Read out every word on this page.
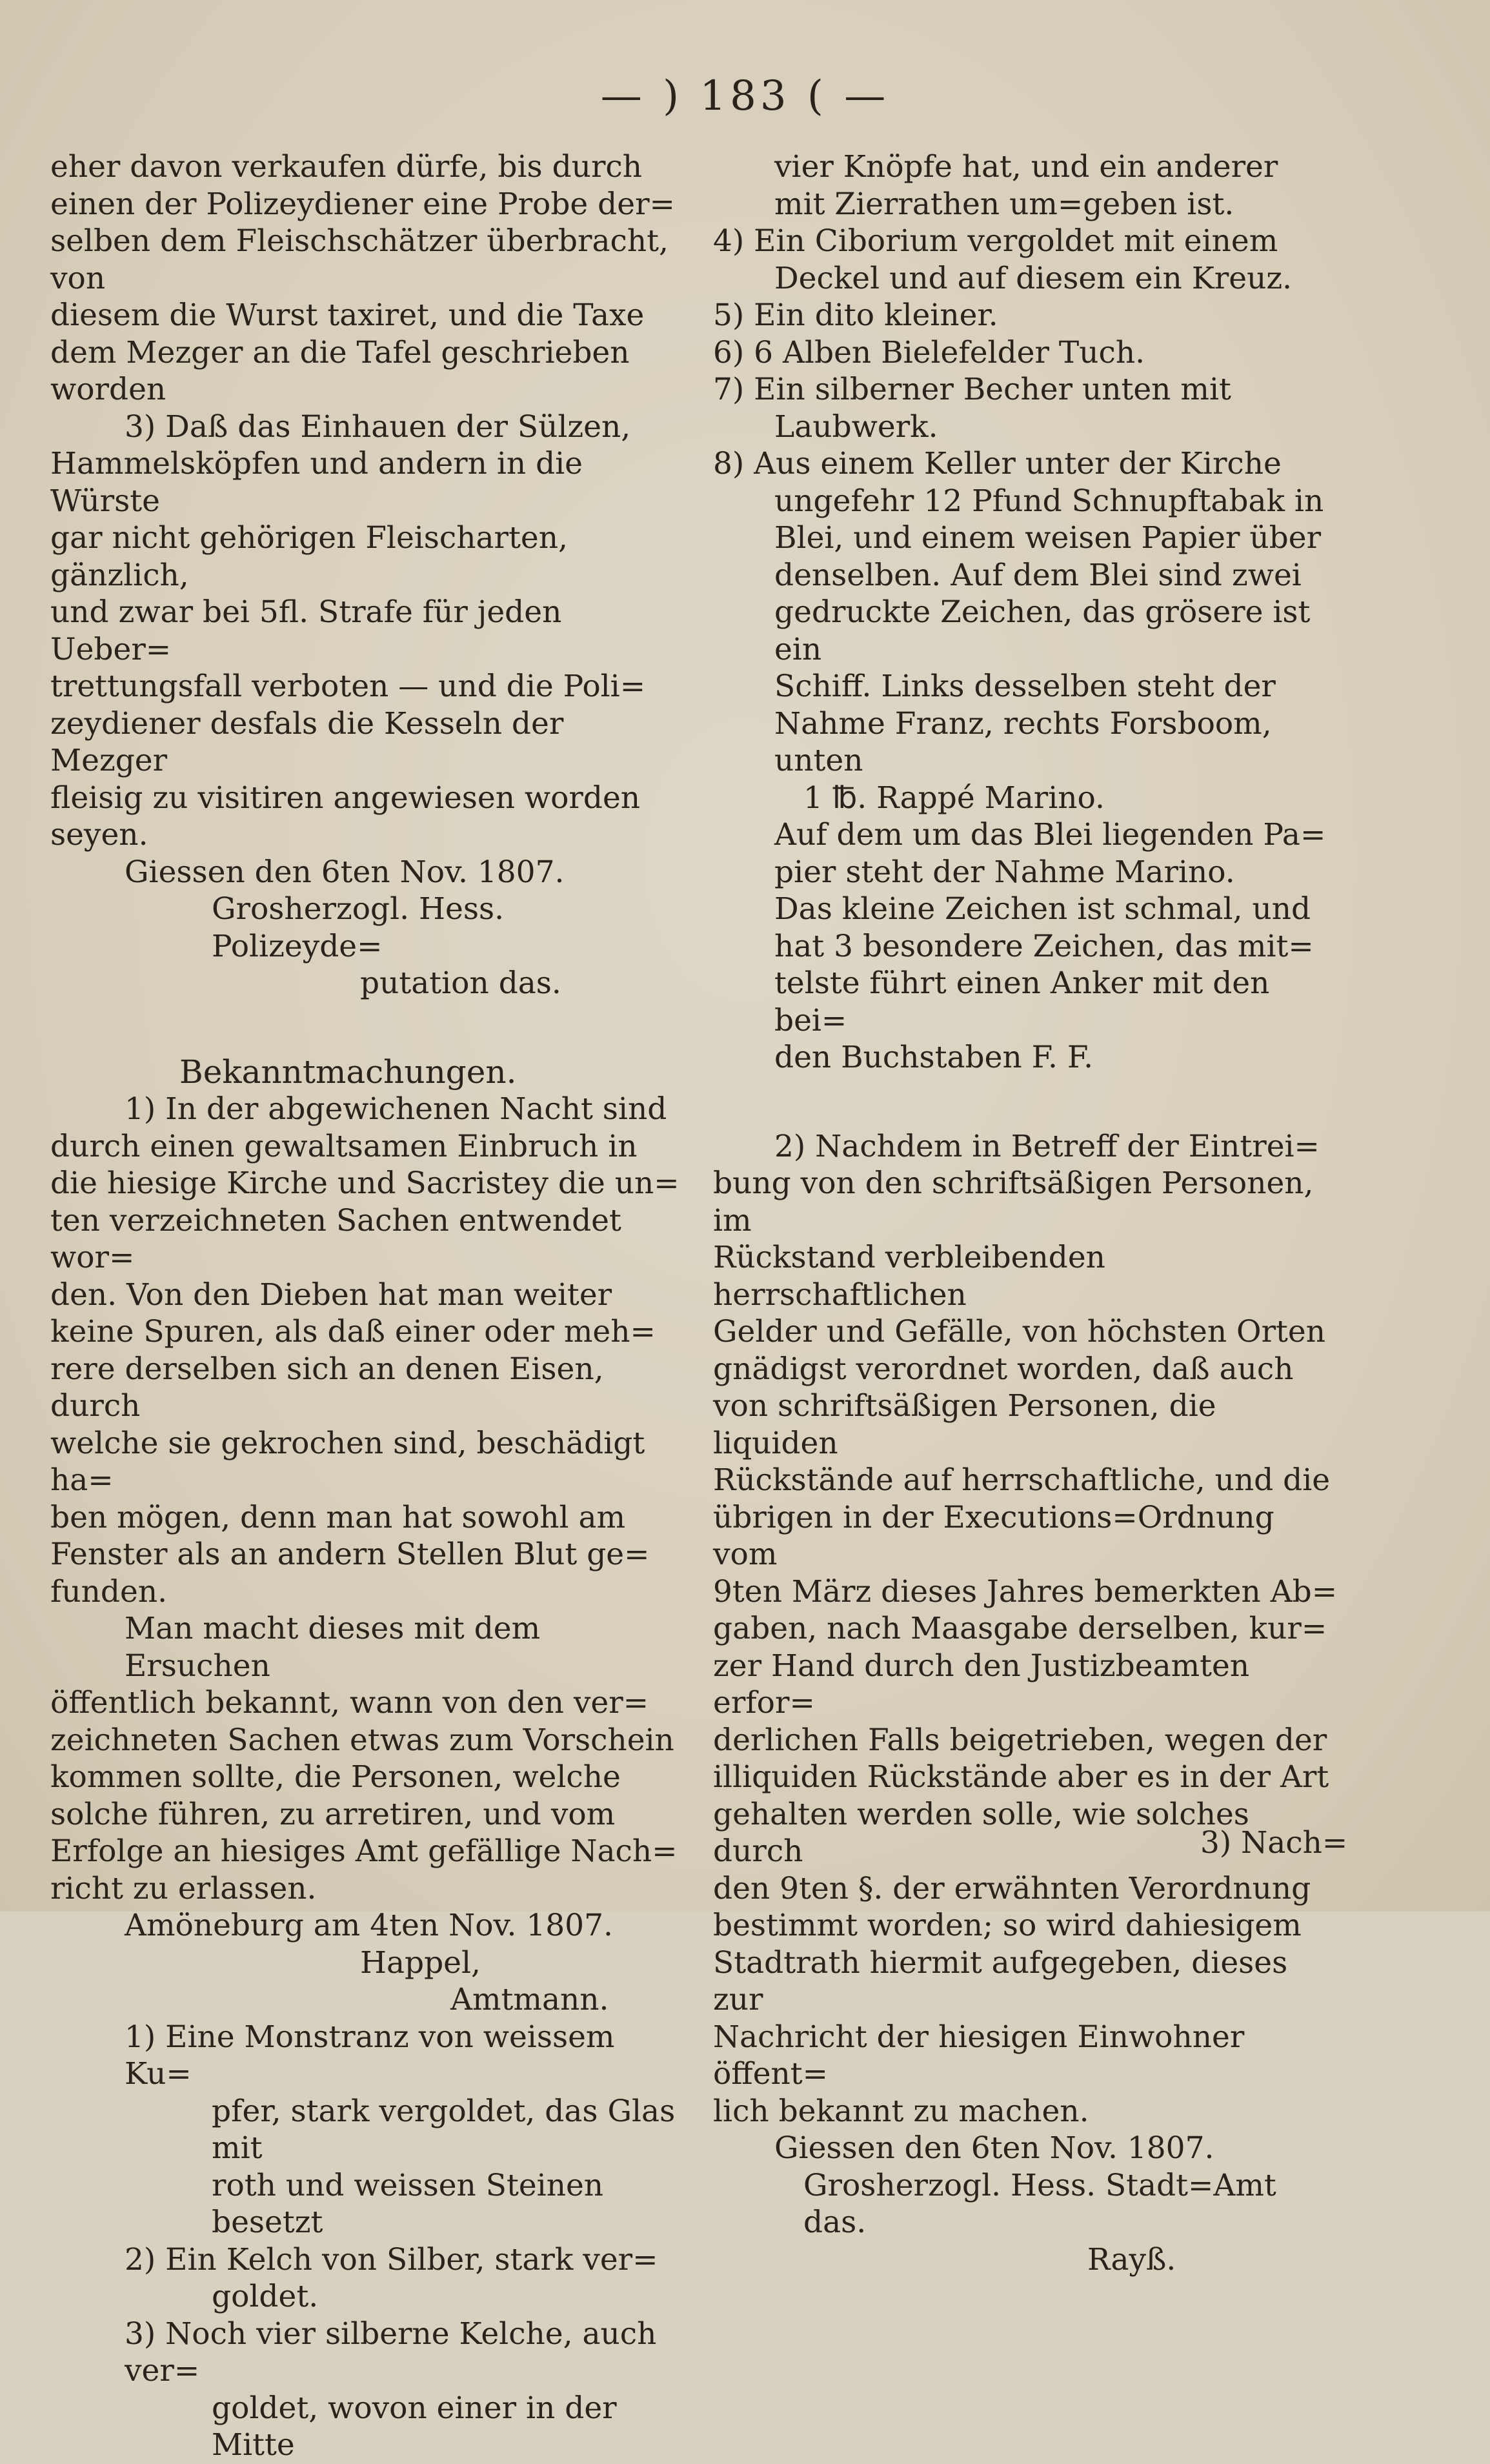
— ) 183 ( —

eher davon verkaufen dürfe, bis durch

einen der Polizeydiener eine Probe der=

selben dem Fleischschätzer überbracht, von

diesem die Wurst taxiret, und die Taxe

dem Mezger an die Tafel geschrieben

worden

3) Daß das Einhauen der Sülzen,

Hammelsköpfen und andern in die Würste

gar nicht gehörigen Fleischarten, gänzlich,

und zwar bei 5fl. Strafe für jeden Ueber=

trettungsfall verboten — und die Poli=

zeydiener desfals die Kesseln der Mezger

fleisig zu visitiren angewiesen worden seyen.

Giessen den 6ten Nov. 1807.

Grosherzogl. Hess. Polizeyde=

putation das.

Bekanntmachungen.

1) In der abgewichenen Nacht sind

durch einen gewaltsamen Einbruch in

die hiesige Kirche und Sacristey die un=

ten verzeichneten Sachen entwendet wor=

den. Von den Dieben hat man weiter

keine Spuren, als daß einer oder meh=

rere derselben sich an denen Eisen, durch

welche sie gekrochen sind, beschädigt ha=

ben mögen, denn man hat sowohl am

Fenster als an andern Stellen Blut ge=

funden.

Man macht dieses mit dem Ersuchen

öffentlich bekannt, wann von den ver=

zeichneten Sachen etwas zum Vorschein

kommen sollte, die Personen, welche

solche führen, zu arretiren, und vom

Erfolge an hiesiges Amt gefällige Nach=

richt zu erlassen.

Amöneburg am 4ten Nov. 1807.

Happel,

Amtmann.

1) Eine Monstranz von weissem Ku=

pfer, stark vergoldet, das Glas mit

roth und weissen Steinen besetzt

2) Ein Kelch von Silber, stark ver=

goldet.

3) Noch vier silberne Kelche, auch ver=

goldet, wovon einer in der Mitte

vier Knöpfe hat, und ein anderer

mit Zierrathen um=geben ist.

4) Ein Ciborium vergoldet mit einem

Deckel und auf diesem ein Kreuz.

5) Ein dito kleiner.

6) 6 Alben Bielefelder Tuch.

7) Ein silberner Becher unten mit

Laubwerk.

8) Aus einem Keller unter der Kirche

ungefehr 12 Pfund Schnupftabak in

Blei, und einem weisen Papier über

denselben. Auf dem Blei sind zwei

gedruckte Zeichen, das grösere ist ein

Schiff. Links desselben steht der

Nahme Franz, rechts Forsboom,

unten

1 ℔. Rappé Marino.

Auf dem um das Blei liegenden Pa=

pier steht der Nahme Marino.

Das kleine Zeichen ist schmal, und

hat 3 besondere Zeichen, das mit=

telste führt einen Anker mit den bei=

den Buchstaben F. F.

2) Nachdem in Betreff der Eintrei=

bung von den schriftsäßigen Personen, im

Rückstand verbleibenden herrschaftlichen

Gelder und Gefälle, von höchsten Orten

gnädigst verordnet worden, daß auch

von schriftsäßigen Personen, die liquiden

Rückstände auf herrschaftliche, und die

übrigen in der Executions=Ordnung vom

9ten März dieses Jahres bemerkten Ab=

gaben, nach Maasgabe derselben, kur=

zer Hand durch den Justizbeamten erfor=

derlichen Falls beigetrieben, wegen der

illiquiden Rückstände aber es in der Art

gehalten werden solle, wie solches durch

den 9ten §. der erwähnten Verordnung

bestimmt worden; so wird dahiesigem

Stadtrath hiermit aufgegeben, dieses zur

Nachricht der hiesigen Einwohner öffent=

lich bekannt zu machen.

Giessen den 6ten Nov. 1807.

Grosherzogl. Hess. Stadt=Amt das.

Rayß.

3) Nach=
